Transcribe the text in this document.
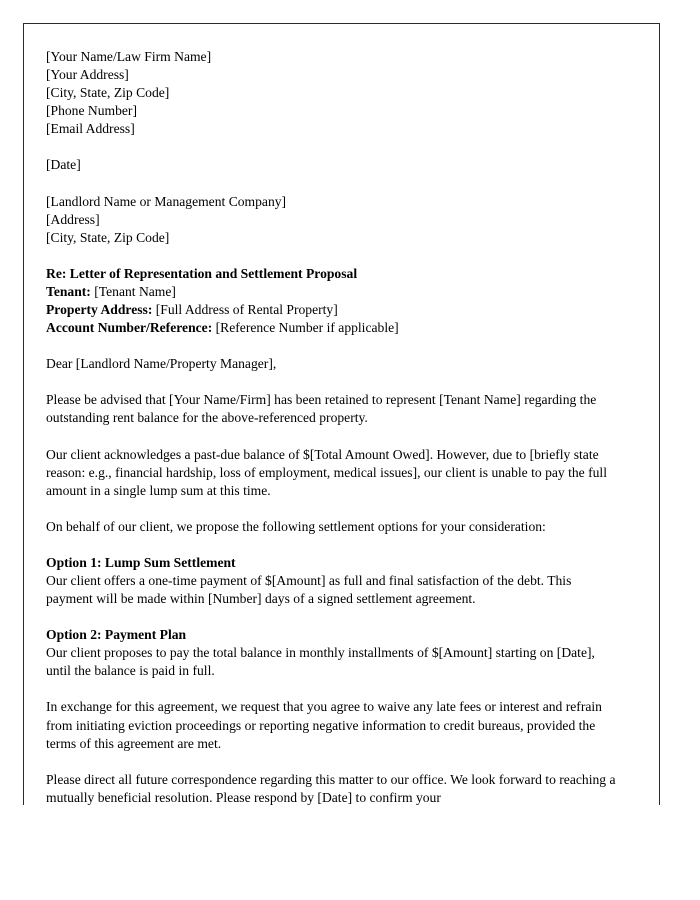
[Your Name/Law Firm Name]
[Your Address]
[City, State, Zip Code]
[Phone Number]
[Email Address]
[Date]
[Landlord Name or Management Company]
[Address]
[City, State, Zip Code]
Re: Letter of Representation and Settlement Proposal
Tenant: [Tenant Name]
Property Address: [Full Address of Rental Property]
Account Number/Reference: [Reference Number if applicable]

Dear [Landlord Name/Property Manager],

Please be advised that [Your Name/Firm] has been retained to represent [Tenant Name] regarding the outstanding rent balance for the above-referenced property.

Our client acknowledges a past-due balance of $[Total Amount Owed]. However, due to [briefly state reason: e.g., financial hardship, loss of employment, medical issues], our client is unable to pay the full amount in a single lump sum at this time.

On behalf of our client, we propose the following settlement options for your consideration:

Option 1: Lump Sum Settlement
Our client offers a one-time payment of $[Amount] as full and final satisfaction of the debt. This payment will be made within [Number] days of a signed settlement agreement.
Option 2: Payment Plan
Our client proposes to pay the total balance in monthly installments of $[Amount] starting on [Date], until the balance is paid in full.

In exchange for this agreement, we request that you agree to waive any late fees or interest and refrain from initiating eviction proceedings or reporting negative information to credit bureaus, provided the terms of this agreement are met.

Please direct all future correspondence regarding this matter to our office. We look forward to reaching a mutually beneficial resolution. Please respond by [Date] to confirm your
